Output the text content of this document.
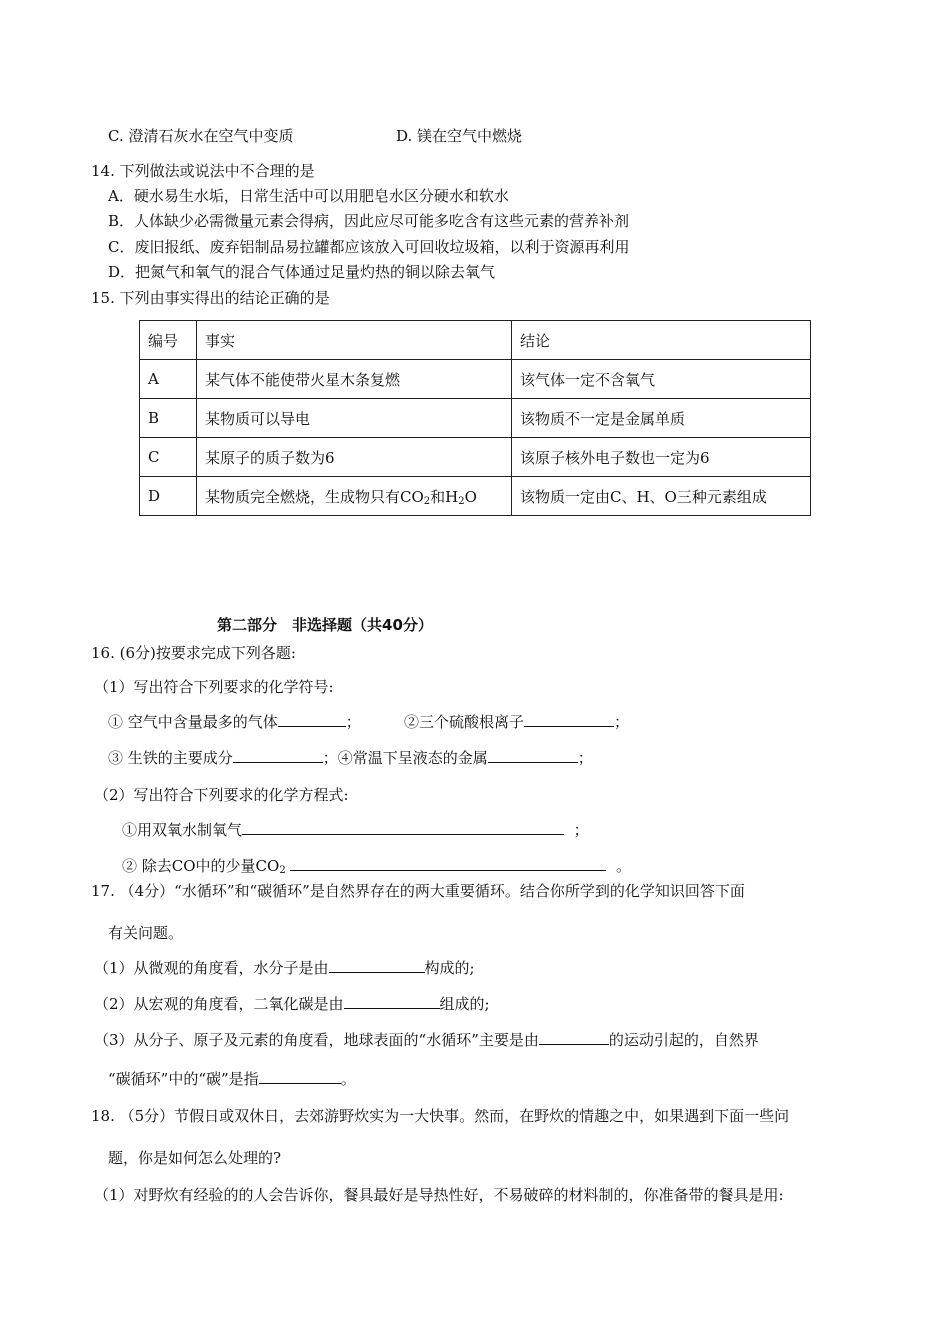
C. 澄清石灰水在空气中变质	D. 镁在空气中燃烧
14. 下列做法或说法中不合理的是
A．硬水易生水垢，日常生活中可以用肥皂水区分硬水和软水
B．人体缺少必需微量元素会得病，因此应尽可能多吃含有这些元素的营养补剂
C．废旧报纸、废弃铝制品易拉罐都应该放入可回收垃圾箱，以利于资源再利用
D．把氮气和氧气的混合气体通过足量灼热的铜以除去氧气
15. 下列由事实得出的结论正确的是
编号	事实	结论
A	某气体不能使带火星木条复燃	该气体一定不含氧气
B	某物质可以导电	该物质不一定是金属单质
C	某原子的质子数为6	该原子核外电子数也一定为6
D	某物质完全燃烧，生成物只有$CO_2$和$H_2O$	该物质一定由C、H、O三种元素组成
第二部分　非选择题（共40分）
16. (6分)按要求完成下列各题:
（1）写出符合下列要求的化学符号:
① 空气中含量最多的气体	；	②三个硫酸根离子	；
③ 生铁的主要成分	；④常温下呈液态的金属	；
（2）写出符合下列要求的化学方程式:
①用双氧水制氧气	；
② 除去CO中的少量$CO_2$	。
17. （4分）“水循环”和“碳循环”是自然界存在的两大重要循环。结合你所学到的化学知识回答下面
有关问题。
（1）从微观的角度看，水分子是由	构成的;
（2）从宏观的角度看，二氧化碳是由	组成的;
（3）从分子、原子及元素的角度看，地球表面的“水循环”主要是由	的运动引起的，自然界
“碳循环”中的“碳”是指	。
18. （5分）节假日或双休日，去郊游野炊实为一大快事。然而，在野炊的情趣之中，如果遇到下面一些问
题，你是如何怎么处理的?
（1）对野炊有经验的的人会告诉你，餐具最好是导热性好，不易破碎的材料制的，你准备带的餐具是用:
